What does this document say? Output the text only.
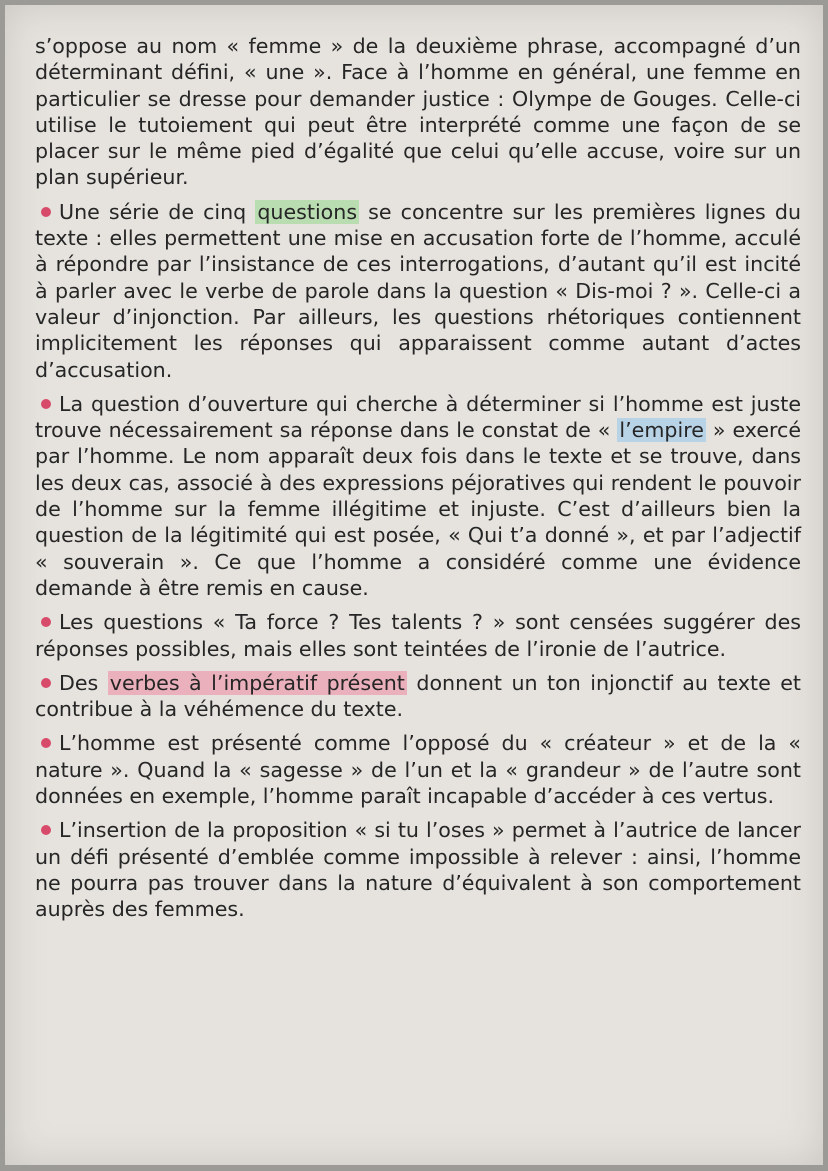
s’oppose au nom « femme » de la deuxième phrase, accompagné d’un déterminant défini, « une ». Face à l’homme en général, une femme en particulier se dresse pour demander justice : Olympe de Gouges. Celle-ci utilise le tutoiement qui peut être interprété comme une façon de se placer sur le même pied d’égalité que celui qu’elle accuse, voire sur un plan supérieur.

Une série de cinq questions se concentre sur les premières lignes du texte : elles permettent une mise en accusation forte de l’homme, acculé à répondre par l’insistance de ces interrogations, d’autant qu’il est incité à parler avec le verbe de parole dans la question « Dis-moi ? ». Celle-ci a valeur d’injonction. Par ailleurs, les questions rhétoriques contiennent implicitement les réponses qui apparaissent comme autant d’actes d’accusation.

La question d’ouverture qui cherche à déterminer si l’homme est juste trouve nécessairement sa réponse dans le constat de « l’empire » exercé par l’homme. Le nom apparaît deux fois dans le texte et se trouve, dans les deux cas, associé à des expressions péjoratives qui rendent le pouvoir de l’homme sur la femme illégitime et injuste. C’est d’ailleurs bien la question de la légitimité qui est posée, « Qui t’a donné », et par l’adjectif « souverain ». Ce que l’homme a considéré comme une évidence demande à être remis en cause.

Les questions « Ta force ? Tes talents ? » sont censées suggérer des réponses possibles, mais elles sont teintées de l’ironie de l’autrice.

Des verbes à l’impératif présent donnent un ton injonctif au texte et contribue à la véhémence du texte.

L’homme est présenté comme l’opposé du « créateur » et de la « nature ». Quand la « sagesse » de l’un et la « grandeur » de l’autre sont données en exemple, l’homme paraît incapable d’accéder à ces vertus.

L’insertion de la proposition « si tu l’oses » permet à l’autrice de lancer un défi présenté d’emblée comme impossible à relever : ainsi, l’homme ne pourra pas trouver dans la nature d’équivalent à son comportement auprès des femmes.
